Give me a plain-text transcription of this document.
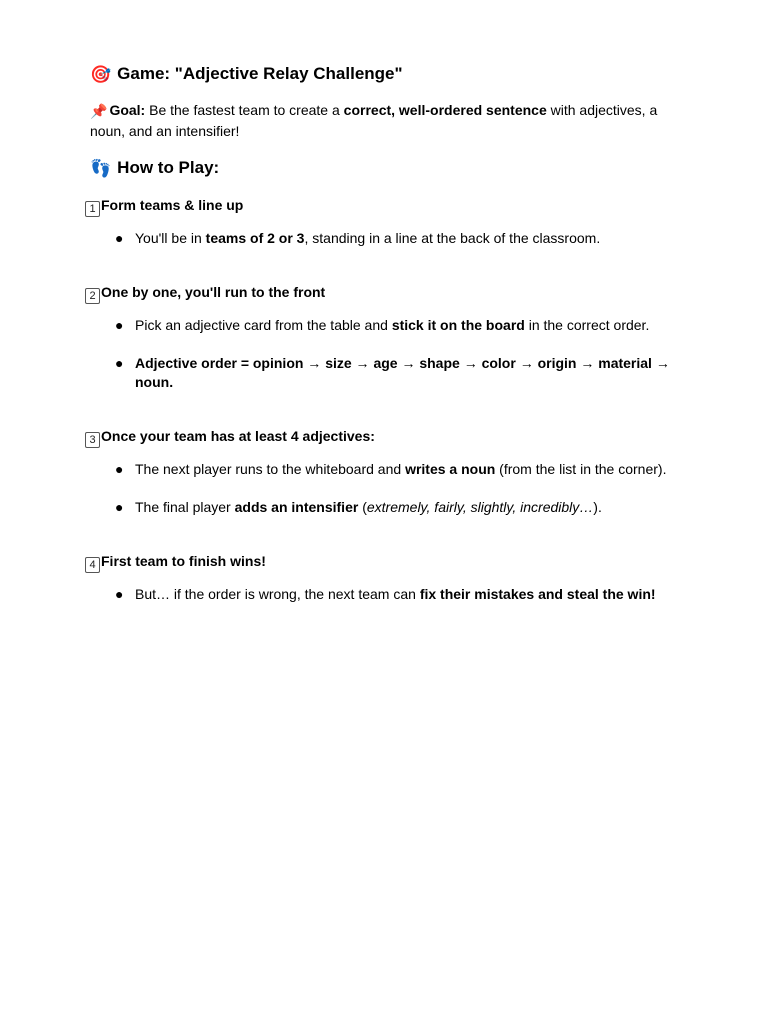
🎯 Game: "Adjective Relay Challenge"
📌 Goal: Be the fastest team to create a correct, well-ordered sentence with adjectives, a noun, and an intensifier!
👣 How to Play:
1 Form teams & line up
● You'll be in teams of 2 or 3, standing in a line at the back of the classroom.
2 One by one, you'll run to the front
● Pick an adjective card from the table and stick it on the board in the correct order.
● Adjective order = opinion → size → age → shape → color → origin → material → noun.
3 Once your team has at least 4 adjectives:
● The next player runs to the whiteboard and writes a noun (from the list in the corner).
● The final player adds an intensifier (extremely, fairly, slightly, incredibly…).
4 First team to finish wins!
● But… if the order is wrong, the next team can fix their mistakes and steal the win!
